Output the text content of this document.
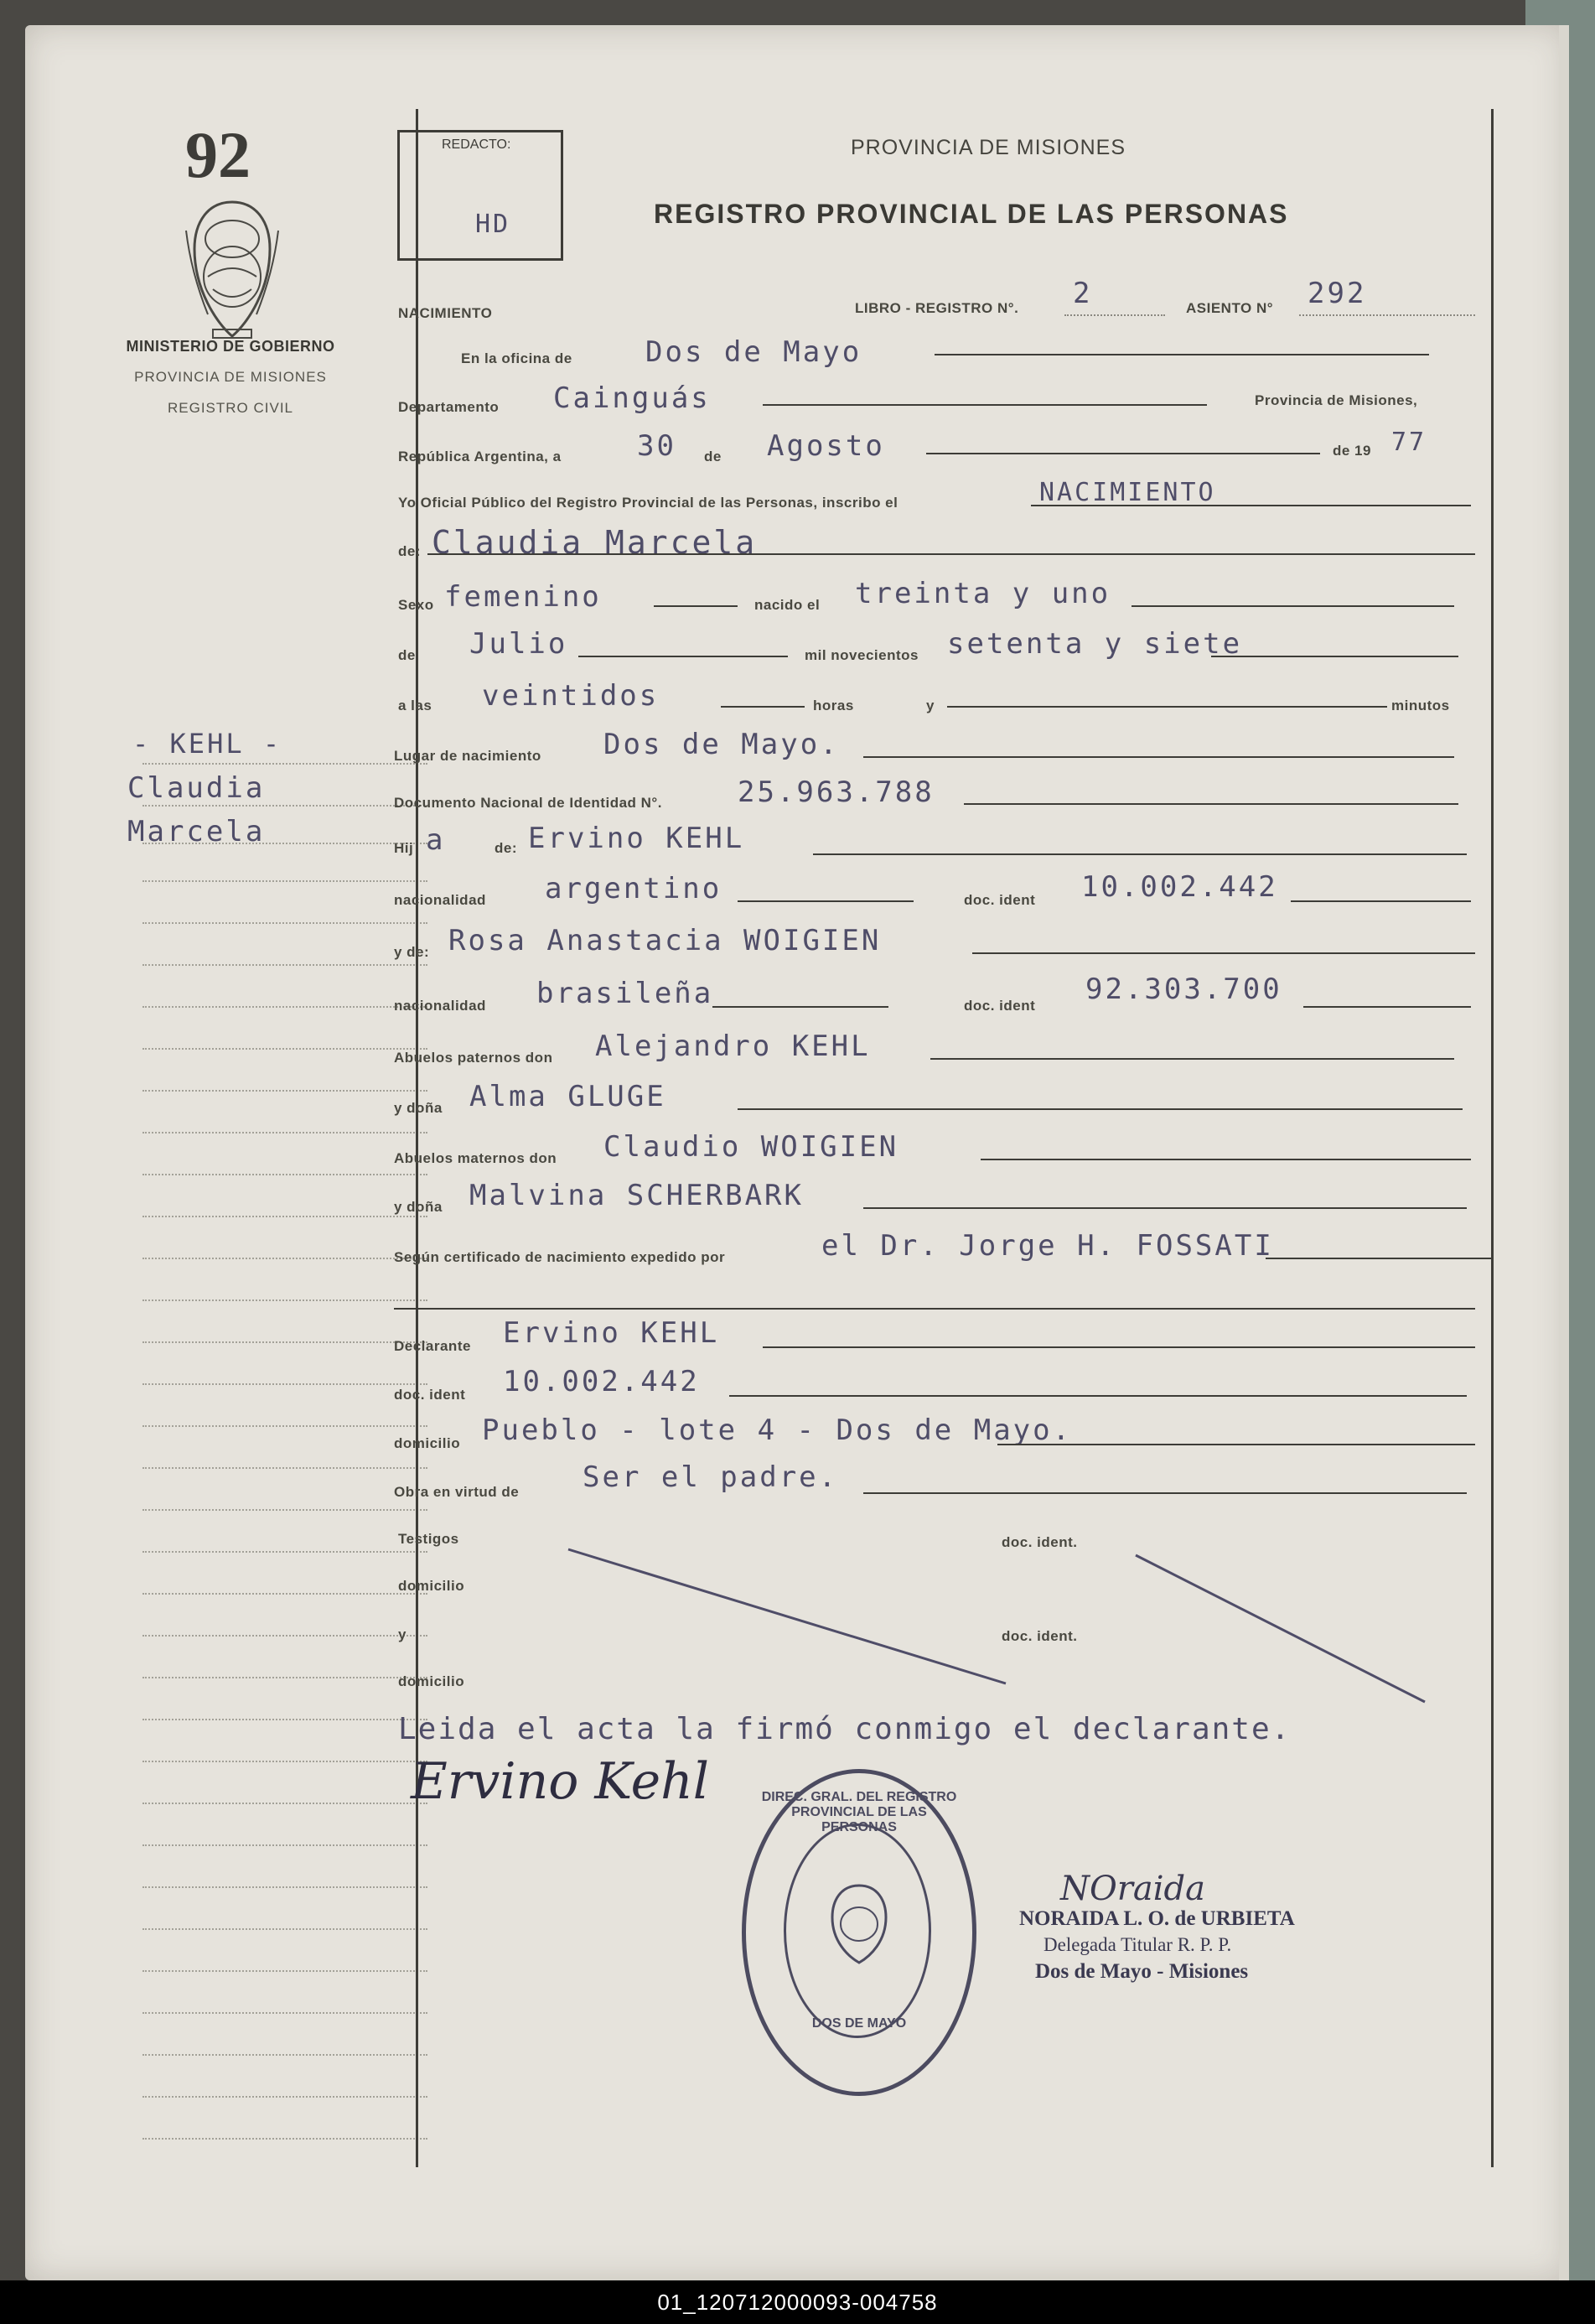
92
MINISTERIO DE GOBIERNO
PROVINCIA DE MISIONES
REGISTRO CIVIL
- KEHL -
Claudia
Marcela
REDACTO:
HD
PROVINCIA DE MISIONES
REGISTRO PROVINCIAL DE LAS PERSONAS
NACIMIENTO	LIBRO - REGISTRO N°. 2	ASIENTO N° 292
En la oficina de	Dos de Mayo
Departamento Cainguás	Provincia de Misiones,
República Argentina, a	30 de Agosto	de 19 77
Yo Oficial Público del Registro Provincial de las Personas, inscribo el	NACIMIENTO
de: Claudia Marcela
Sexo femenino	nacido el treinta y uno
de Julio	mil novecientos setenta y siete
a las veintidos	horas	y	minutos
Lugar de nacimiento Dos de Mayo.
Documento Nacional de Identidad N°.	25.963.788
Hij a	de: Ervino KEHL
nacionalidad argentino	doc. ident 10.002.442
y de: Rosa Anastacia WOIGIEN
nacionalidad brasileña	doc. ident 92.303.700
Abuelos paternos don Alejandro KEHL
y doña Alma GLUGE
Abuelos maternos don Claudio WOIGIEN
y doña Malvina SCHERBARK
Según certificado de nacimiento expedido por	el Dr. Jorge H. FOSSATI
Declarante Ervino KEHL
doc. ident 10.002.442
domicilio Pueblo - lote 4 - Dos de Mayo.
Obra en virtud de Ser el padre.
Testigos	doc. ident.
domicilio
y	doc. ident.
domicilio
Leida el acta la firmó conmigo el declarante.
Ervino Kehl	DIREC. GRAL. DEL REGISTRO PROVINCIAL DE LAS PERSONAS
DOS DE MAYO
NOraida
NORAIDA L. O. de URBIETA
Delegada Titular R. P. P.
Dos de Mayo - Misiones
01_120712000093-004758
